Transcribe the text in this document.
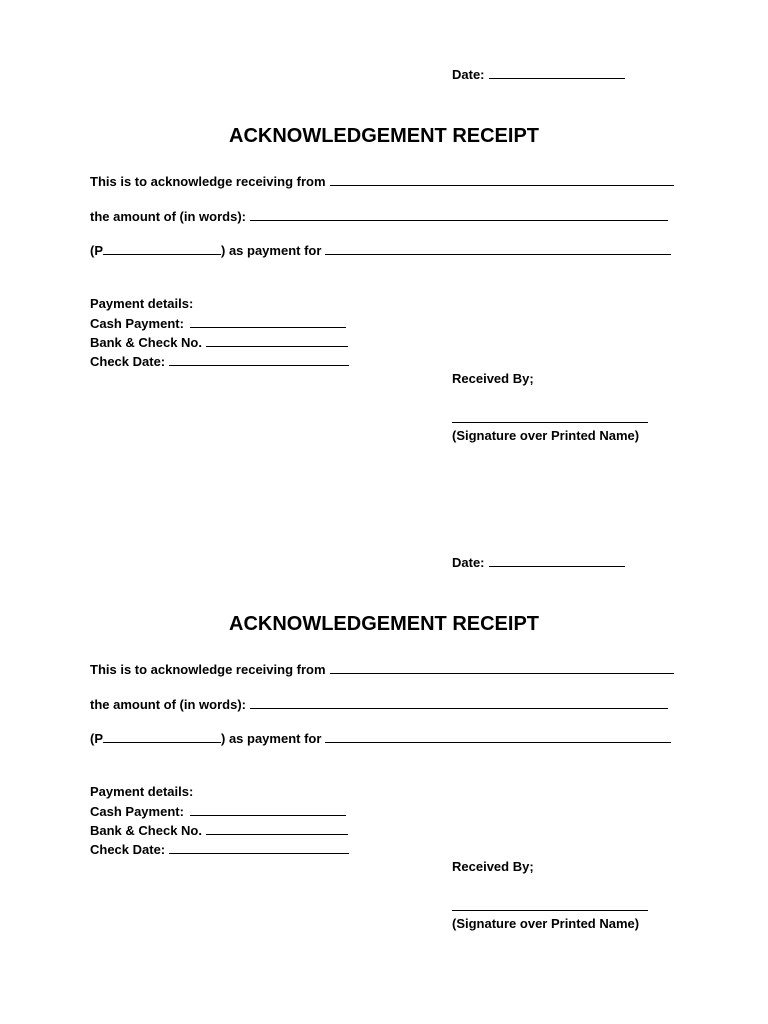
Date:
ACKNOWLEDGEMENT RECEIPT
This is to acknowledge receiving from
the amount of (in words):
(P	) as payment for
Payment details:
Cash Payment:
Bank & Check No.
Check Date:
Received By;
(Signature over Printed Name)
Date:
ACKNOWLEDGEMENT RECEIPT
This is to acknowledge receiving from
the amount of (in words):
(P	) as payment for
Payment details:
Cash Payment:
Bank & Check No.
Check Date:
Received By;
(Signature over Printed Name)
